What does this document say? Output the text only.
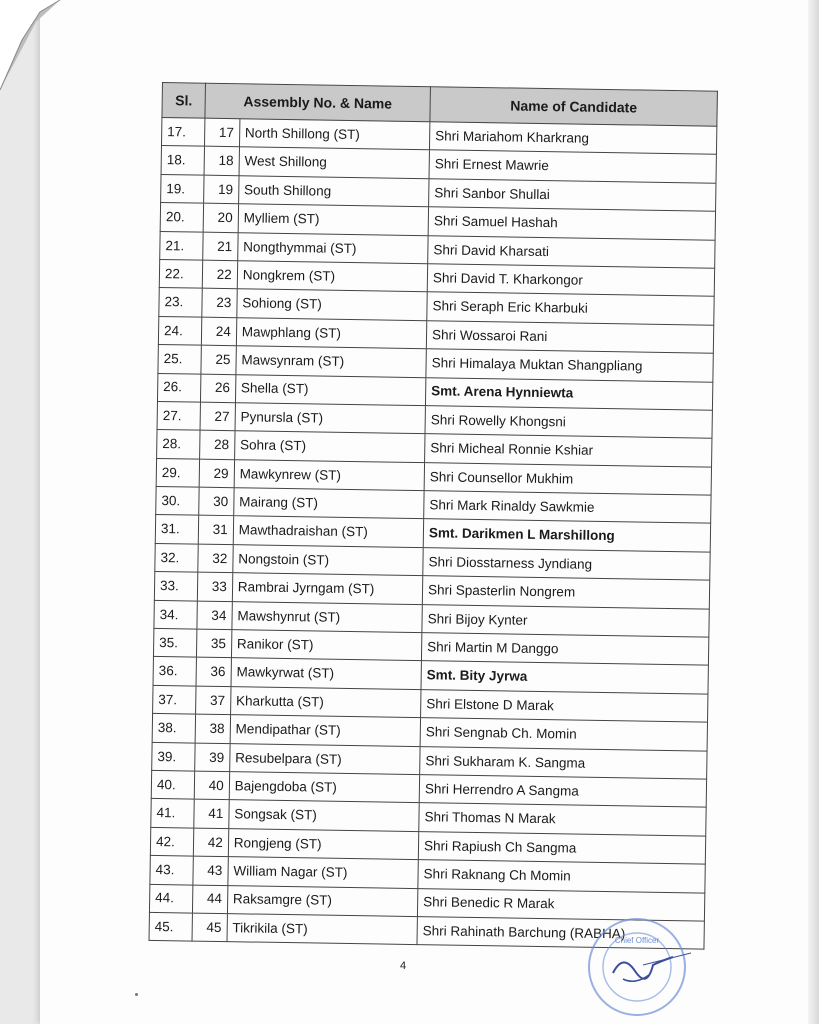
Sl.	Assembly No. & Name		Name of Candidate
17.	17	North Shillong (ST)	Shri Mariahom Kharkrang
18.	18	West Shillong	Shri Ernest Mawrie
19.	19	South Shillong	Shri Sanbor Shullai
20.	20	Mylliem (ST)	Shri Samuel Hashah
21.	21	Nongthymmai (ST)	Shri David Kharsati
22.	22	Nongkrem (ST)	Shri David T. Kharkongor
23.	23	Sohiong (ST)	Shri Seraph Eric Kharbuki
24.	24	Mawphlang (ST)	Shri Wossaroi Rani
25.	25	Mawsynram (ST)	Shri Himalaya Muktan Shangpliang
26.	26	Shella (ST)	Smt. Arena Hynniewta
27.	27	Pynursla (ST)	Shri Rowelly Khongsni
28.	28	Sohra (ST)	Shri Micheal Ronnie Kshiar
29.	29	Mawkynrew (ST)	Shri Counsellor Mukhim
30.	30	Mairang (ST)	Shri Mark Rinaldy Sawkmie
31.	31	Mawthadraishan (ST)	Smt. Darikmen L Marshillong
32.	32	Nongstoin (ST)	Shri Diosstarness Jyndiang
33.	33	Rambrai Jyrngam (ST)	Shri Spasterlin Nongrem
34.	34	Mawshynrut (ST)	Shri Bijoy Kynter
35.	35	Ranikor (ST)	Shri Martin M Danggo
36.	36	Mawkyrwat (ST)	Smt. Bity Jyrwa
37.	37	Kharkutta (ST)	Shri Elstone D Marak
38.	38	Mendipathar (ST)	Shri Sengnab Ch. Momin
39.	39	Resubelpara (ST)	Shri Sukharam K. Sangma
40.	40	Bajengdoba (ST)	Shri Herrendro A Sangma
41.	41	Songsak (ST)	Shri Thomas N Marak
42.	42	Rongjeng (ST)	Shri Rapiush Ch Sangma
43.	43	William Nagar (ST)	Shri Raknang Ch Momin
44.	44	Raksamgre (ST)	Shri Benedic R Marak
45.	45	Tikrikila (ST)	Shri Rahinath Barchung (RABHA)
4
Chief Officer
